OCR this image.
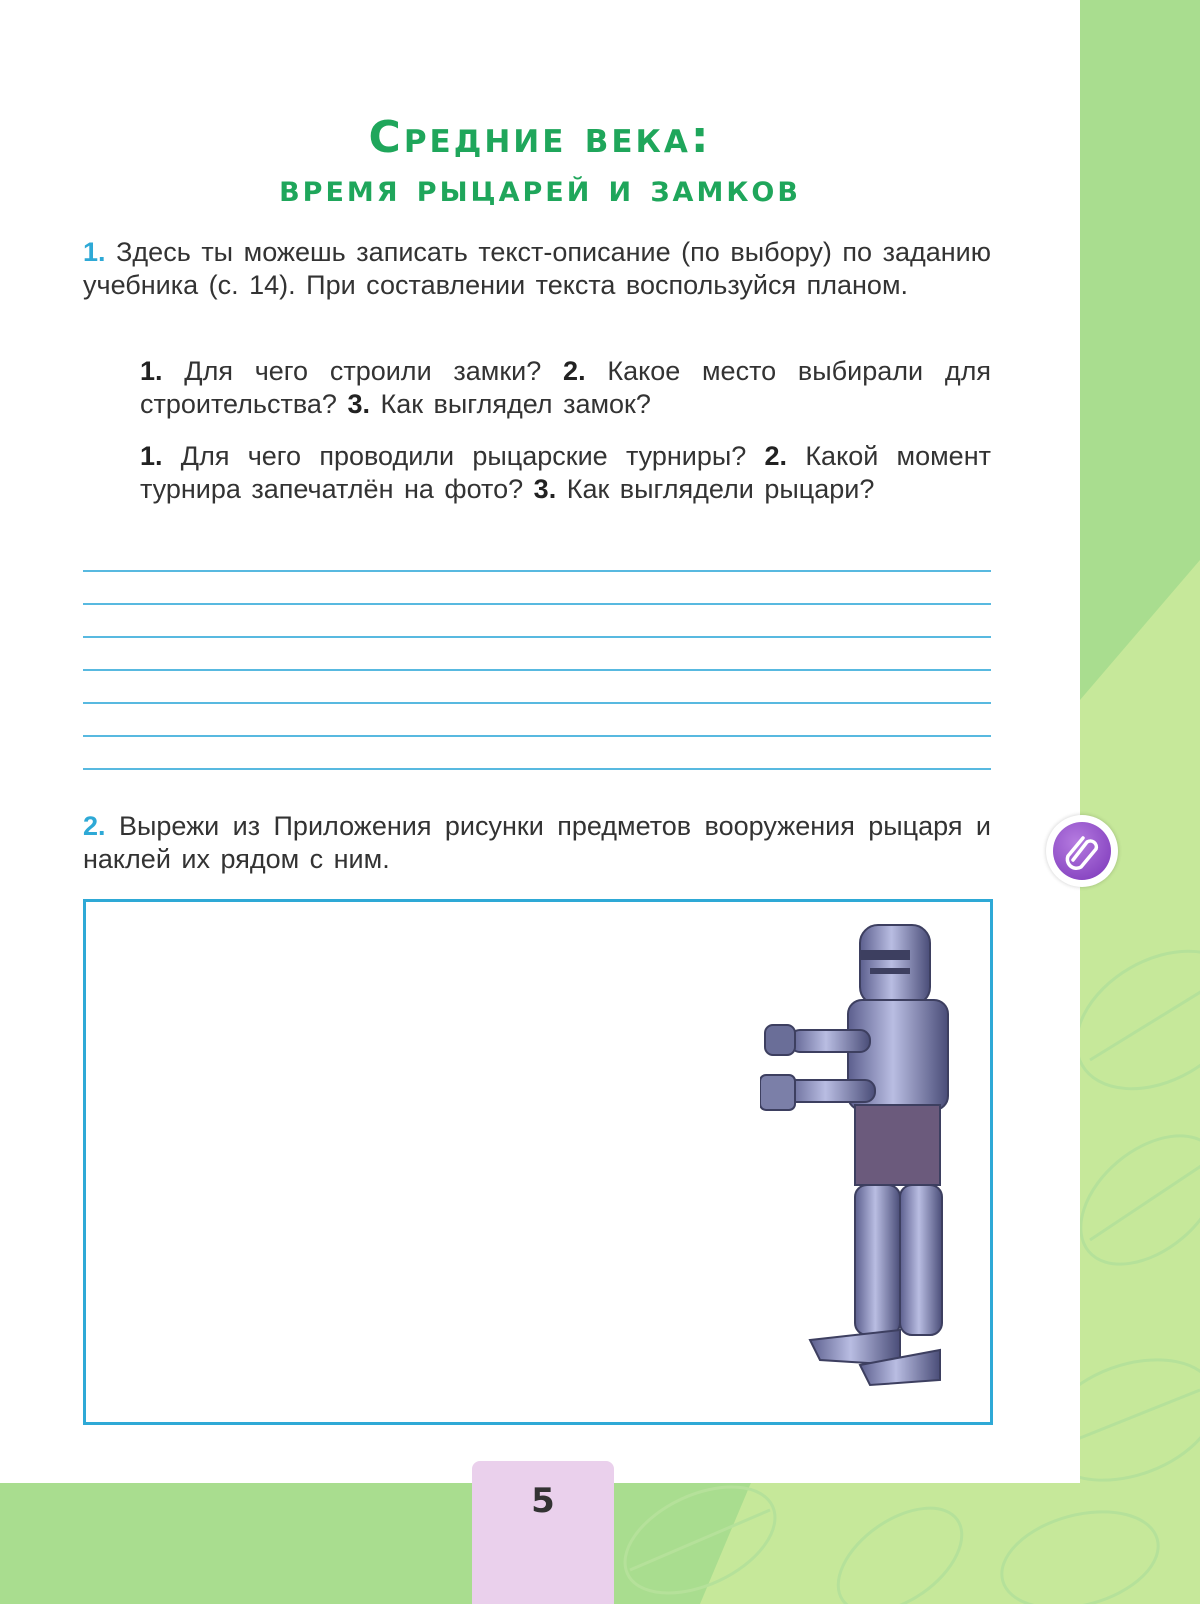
Средние века:
время рыцарей и замков
1. Здесь ты можешь записать текст-описание (по выбору) по заданию учебника (с. 14). При составлении текста воспользуйся планом.
1. Для чего строили замки? 2. Какое место выбирали для строительства? 3. Как выглядел замок?
1. Для чего проводили рыцарские турниры? 2. Какой момент турнира запечатлён на фото? 3. Как выглядели рыцари?
2. Вырежи из Приложения рисунки предметов вооружения рыцаря и наклей их рядом с ним.
5
